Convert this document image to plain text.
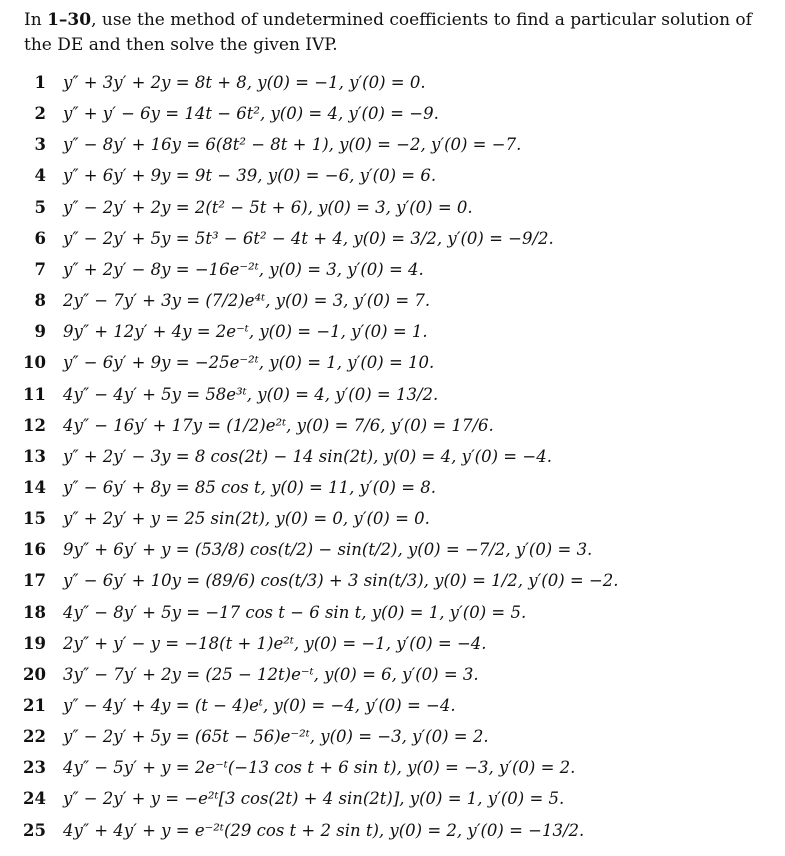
In 1–30, use the method of undetermined coefficients to find a particular solution of the DE and then solve the given IVP.
1 y″ + 3y′ + 2y = 8t + 8, y(0) = −1, y′(0) = 0.
2 y″ + y′ − 6y = 14t − 6t², y(0) = 4, y′(0) = −9.
3 y″ − 8y′ + 16y = 6(8t² − 8t + 1), y(0) = −2, y′(0) = −7.
4 y″ + 6y′ + 9y = 9t − 39, y(0) = −6, y′(0) = 6.
5 y″ − 2y′ + 2y = 2(t² − 5t + 6), y(0) = 3, y′(0) = 0.
6 y″ − 2y′ + 5y = 5t³ − 6t² − 4t + 4, y(0) = 3/2, y′(0) = −9/2.
7 y″ + 2y′ − 8y = −16e⁻²ᵗ, y(0) = 3, y′(0) = 4.
8 2y″ − 7y′ + 3y = (7/2)e⁴ᵗ, y(0) = 3, y′(0) = 7.
9 9y″ + 12y′ + 4y = 2e⁻ᵗ, y(0) = −1, y′(0) = 1.
10 y″ − 6y′ + 9y = −25e⁻²ᵗ, y(0) = 1, y′(0) = 10.
11 4y″ − 4y′ + 5y = 58e³ᵗ, y(0) = 4, y′(0) = 13/2.
12 4y″ − 16y′ + 17y = (1/2)e²ᵗ, y(0) = 7/6, y′(0) = 17/6.
13 y″ + 2y′ − 3y = 8 cos(2t) − 14 sin(2t), y(0) = 4, y′(0) = −4.
14 y″ − 6y′ + 8y = 85 cos t, y(0) = 11, y′(0) = 8.
15 y″ + 2y′ + y = 25 sin(2t), y(0) = 0, y′(0) = 0.
16 9y″ + 6y′ + y = (53/8) cos(t/2) − sin(t/2), y(0) = −7/2, y′(0) = 3.
17 y″ − 6y′ + 10y = (89/6) cos(t/3) + 3 sin(t/3), y(0) = 1/2, y′(0) = −2.
18 4y″ − 8y′ + 5y = −17 cos t − 6 sin t, y(0) = 1, y′(0) = 5.
19 2y″ + y′ − y = −18(t + 1)e²ᵗ, y(0) = −1, y′(0) = −4.
20 3y″ − 7y′ + 2y = (25 − 12t)e⁻ᵗ, y(0) = 6, y′(0) = 3.
21 y″ − 4y′ + 4y = (t − 4)eᵗ, y(0) = −4, y′(0) = −4.
22 y″ − 2y′ + 5y = (65t − 56)e⁻²ᵗ, y(0) = −3, y′(0) = 2.
23 4y″ − 5y′ + y = 2e⁻ᵗ(−13 cos t + 6 sin t), y(0) = −3, y′(0) = 2.
24 y″ − 2y′ + y = −e²ᵗ[3 cos(2t) + 4 sin(2t)], y(0) = 1, y′(0) = 5.
25 4y″ + 4y′ + y = e⁻²ᵗ(29 cos t + 2 sin t), y(0) = 2, y′(0) = −13/2.
